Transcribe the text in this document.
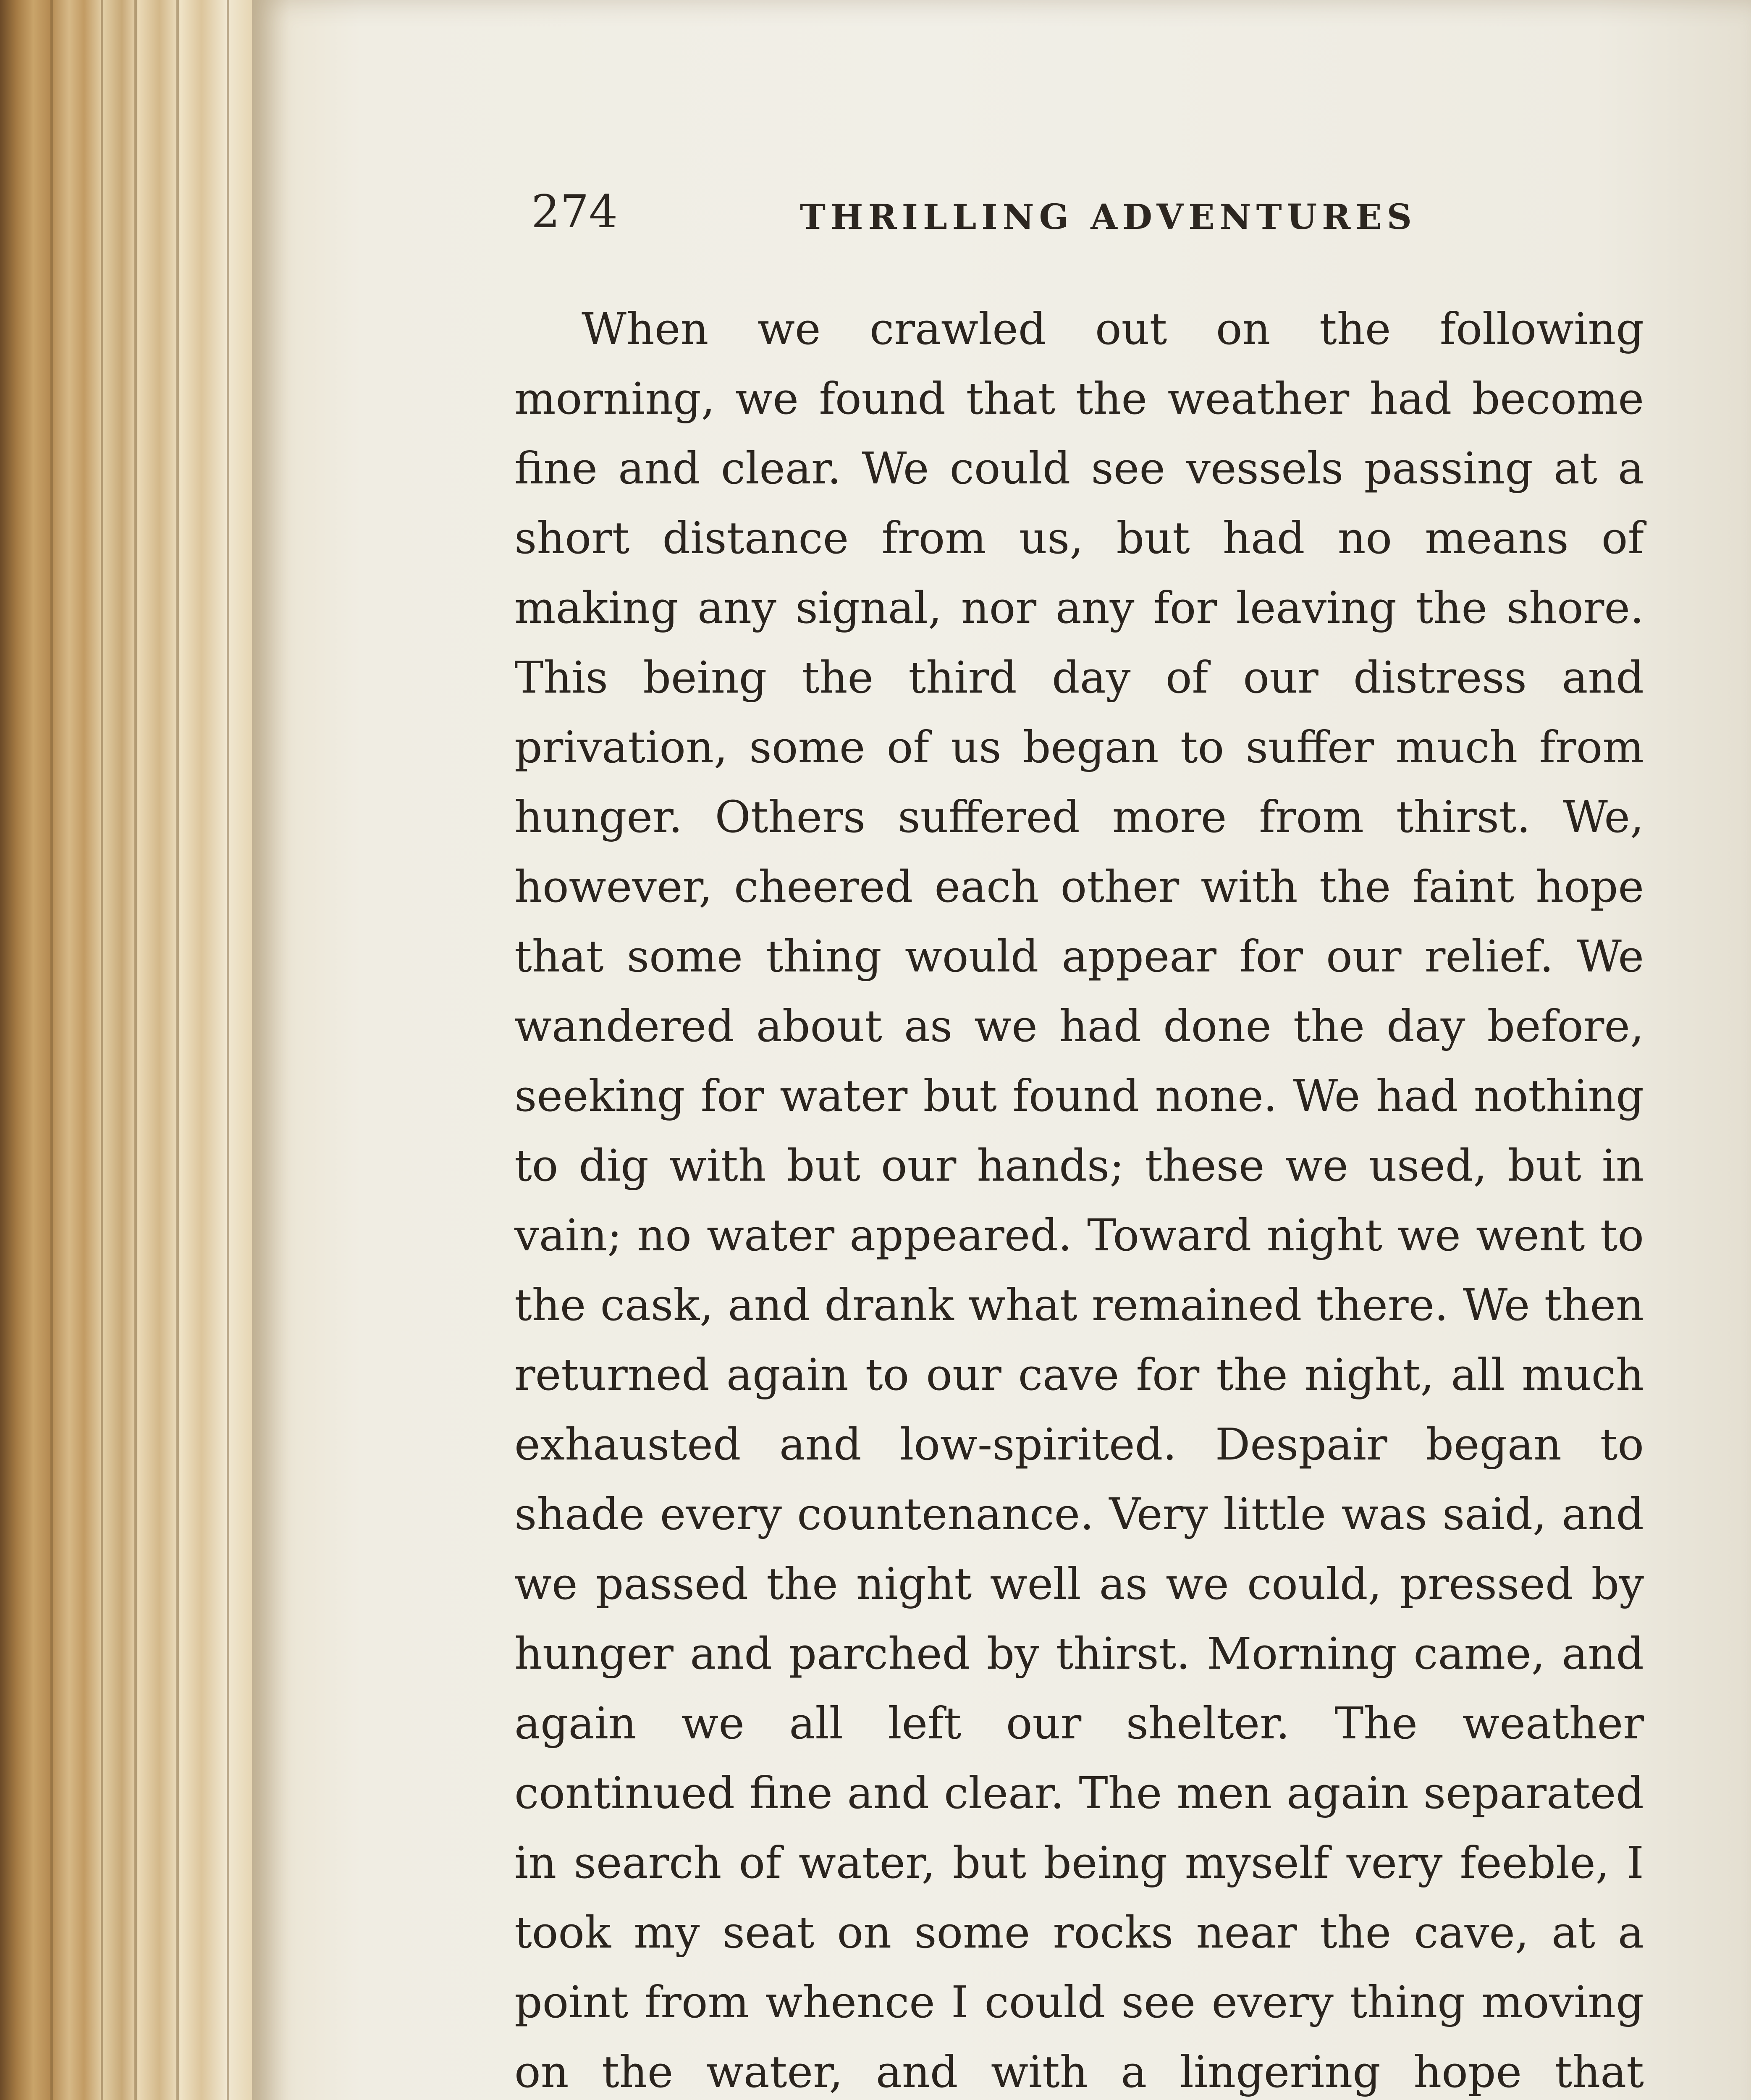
274	THRILLING ADVENTURES

When we crawled out on the following morning, we found that the weather had become fine and clear. We could see vessels passing at a short distance from us, but had no means of making any signal, nor any for leaving the shore. This being the third day of our distress and privation, some of us began to suffer much from hunger. Others suffered more from thirst. We, however, cheered each other with the faint hope that some thing would appear for our relief. We wandered about as we had done the day before, seeking for water but found none. We had nothing to dig with but our hands; these we used, but in vain; no water appeared. Toward night we went to the cask, and drank what remained there. We then returned again to our cave for the night, all much exhausted and low-spirited. Despair began to shade every countenance. Very little was said, and we passed the night well as we could, pressed by hunger and parched by thirst. Morning came, and again we all left our shelter. The weather continued fine and clear. The men again separated in search of water, but being myself very feeble, I took my seat on some rocks near the cave, at a point from whence I could see every thing moving on the water, and with a lingering hope that
